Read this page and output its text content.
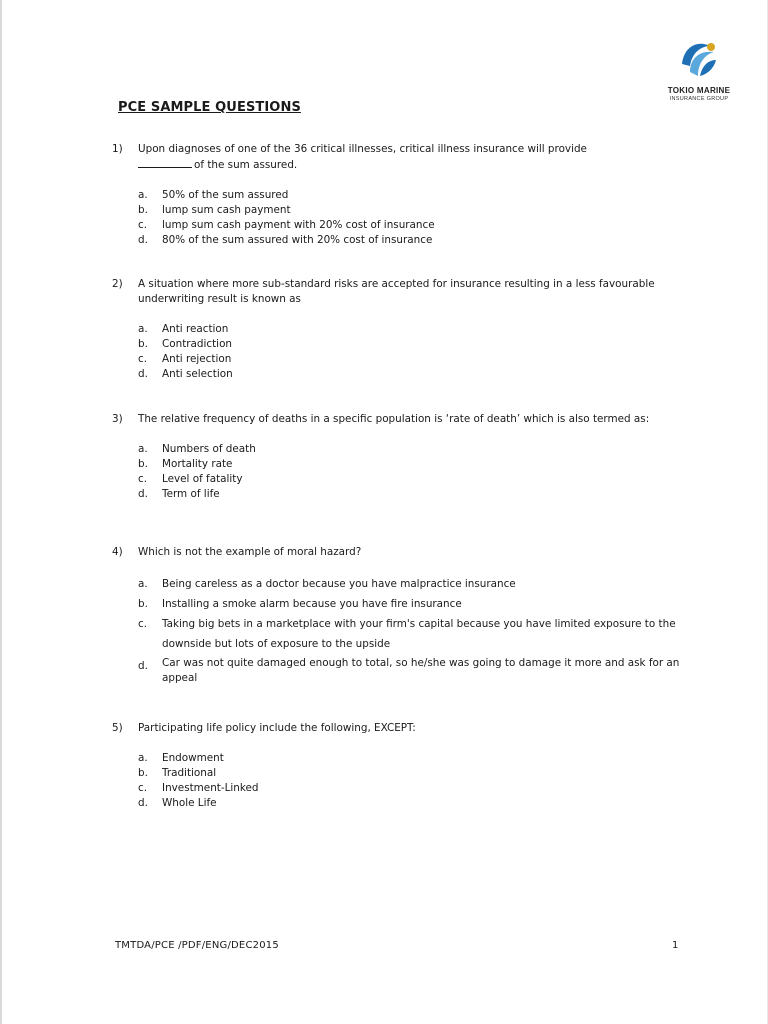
TOKIO MARINE
INSURANCE GROUP
PCE SAMPLE QUESTIONS
1)	Upon diagnoses of one of the 36 critical illnesses, critical illness insurance will provide
of the sum assured.
a.	50% of the sum assured
b.	lump sum cash payment
c.	lump sum cash payment with 20% cost of insurance
d.	80% of the sum assured with 20% cost of insurance
2)	A situation where more sub-standard risks are accepted for insurance resulting in a less favourable underwriting result is known as
a.	Anti reaction
b.	Contradiction
c.	Anti rejection
d.	Anti selection
3)	The relative frequency of deaths in a specific population is ‘rate of death’ which is also termed as:
a.	Numbers of death
b.	Mortality rate
c.	Level of fatality
d.	Term of life
4)	Which is not the example of moral hazard?
a.	Being careless as a doctor because you have malpractice insurance
b.	Installing a smoke alarm because you have fire insurance
c.	Taking big bets in a marketplace with your firm's capital because you have limited exposure to the downside but lots of exposure to the upside
d.	Car was not quite damaged enough to total, so he/she was going to damage it more and ask for an appeal
5)	Participating life policy include the following, EXCEPT:
a.	Endowment
b.	Traditional
c.	Investment-Linked
d.	Whole Life
TMTDA/PCE /PDF/ENG/DEC2015	1
